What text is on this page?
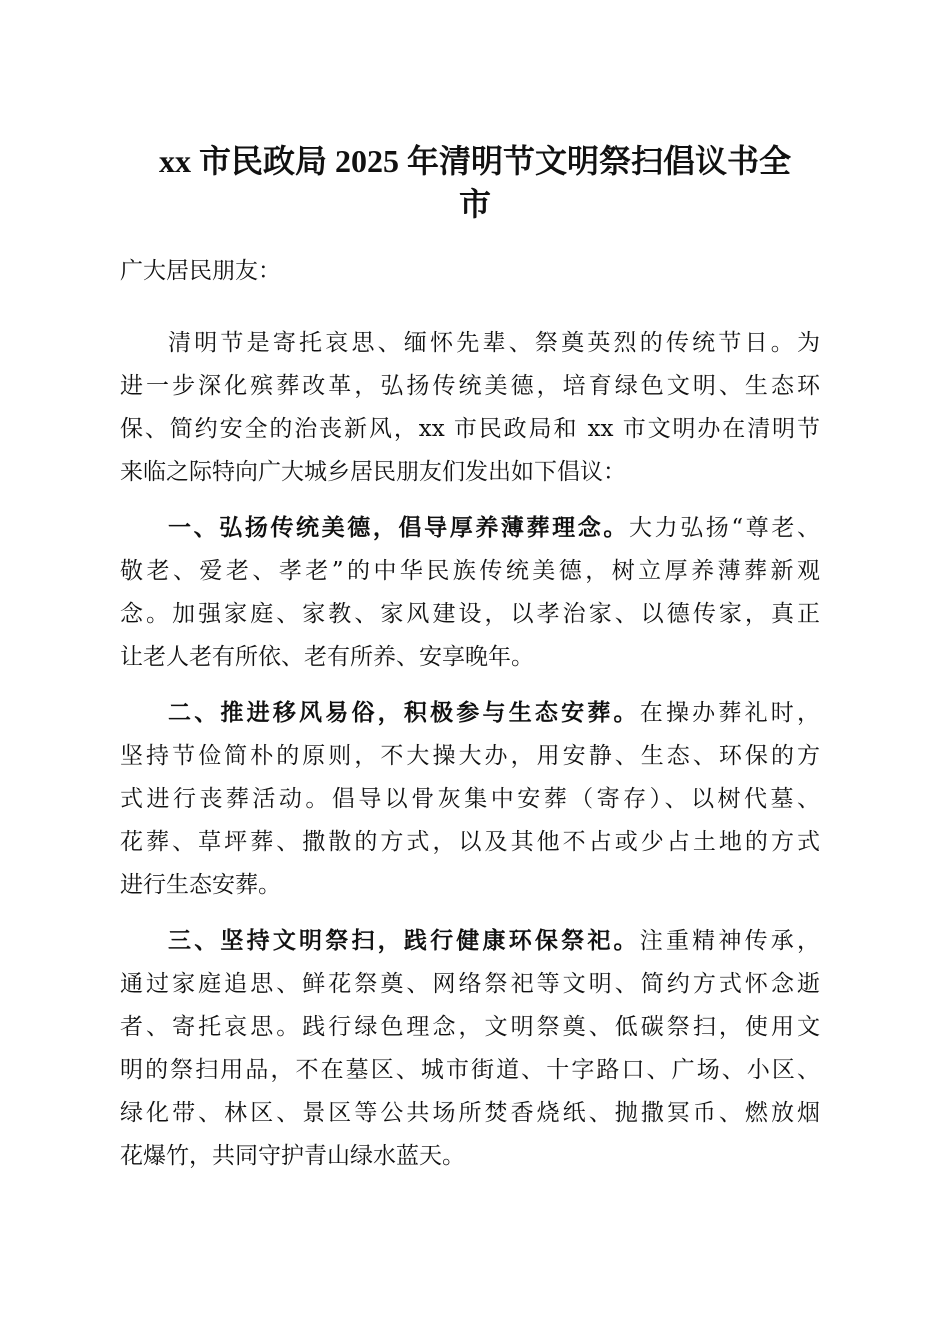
xx 市民政局 2025 年清明节文明祭扫倡议书全
市
广大居民朋友：
清明节是寄托哀思、缅怀先辈、祭奠英烈的传统节日。为
进一步深化殡葬改革，弘扬传统美德，培育绿色文明、生态环
保、简约安全的治丧新风，xx 市民政局和 xx 市文明办在清明节
来临之际特向广大城乡居民朋友们发出如下倡议：
一、弘扬传统美德，倡导厚养薄葬理念。大力弘扬“尊老、
敬老、爱老、孝老”的中华民族传统美德，树立厚养薄葬新观
念。加强家庭、家教、家风建设，以孝治家、以德传家，真正
让老人老有所依、老有所养、安享晚年。
二、推进移风易俗，积极参与生态安葬。在操办葬礼时，
坚持节俭简朴的原则，不大操大办，用安静、生态、环保的方
式进行丧葬活动。倡导以骨灰集中安葬（寄存）、以树代墓、
花葬、草坪葬、撒散的方式，以及其他不占或少占土地的方式
进行生态安葬。
三、坚持文明祭扫，践行健康环保祭祀。注重精神传承，
通过家庭追思、鲜花祭奠、网络祭祀等文明、简约方式怀念逝
者、寄托哀思。践行绿色理念，文明祭奠、低碳祭扫，使用文
明的祭扫用品，不在墓区、城市街道、十字路口、广场、小区、
绿化带、林区、景区等公共场所焚香烧纸、抛撒冥币、燃放烟
花爆竹，共同守护青山绿水蓝天。
